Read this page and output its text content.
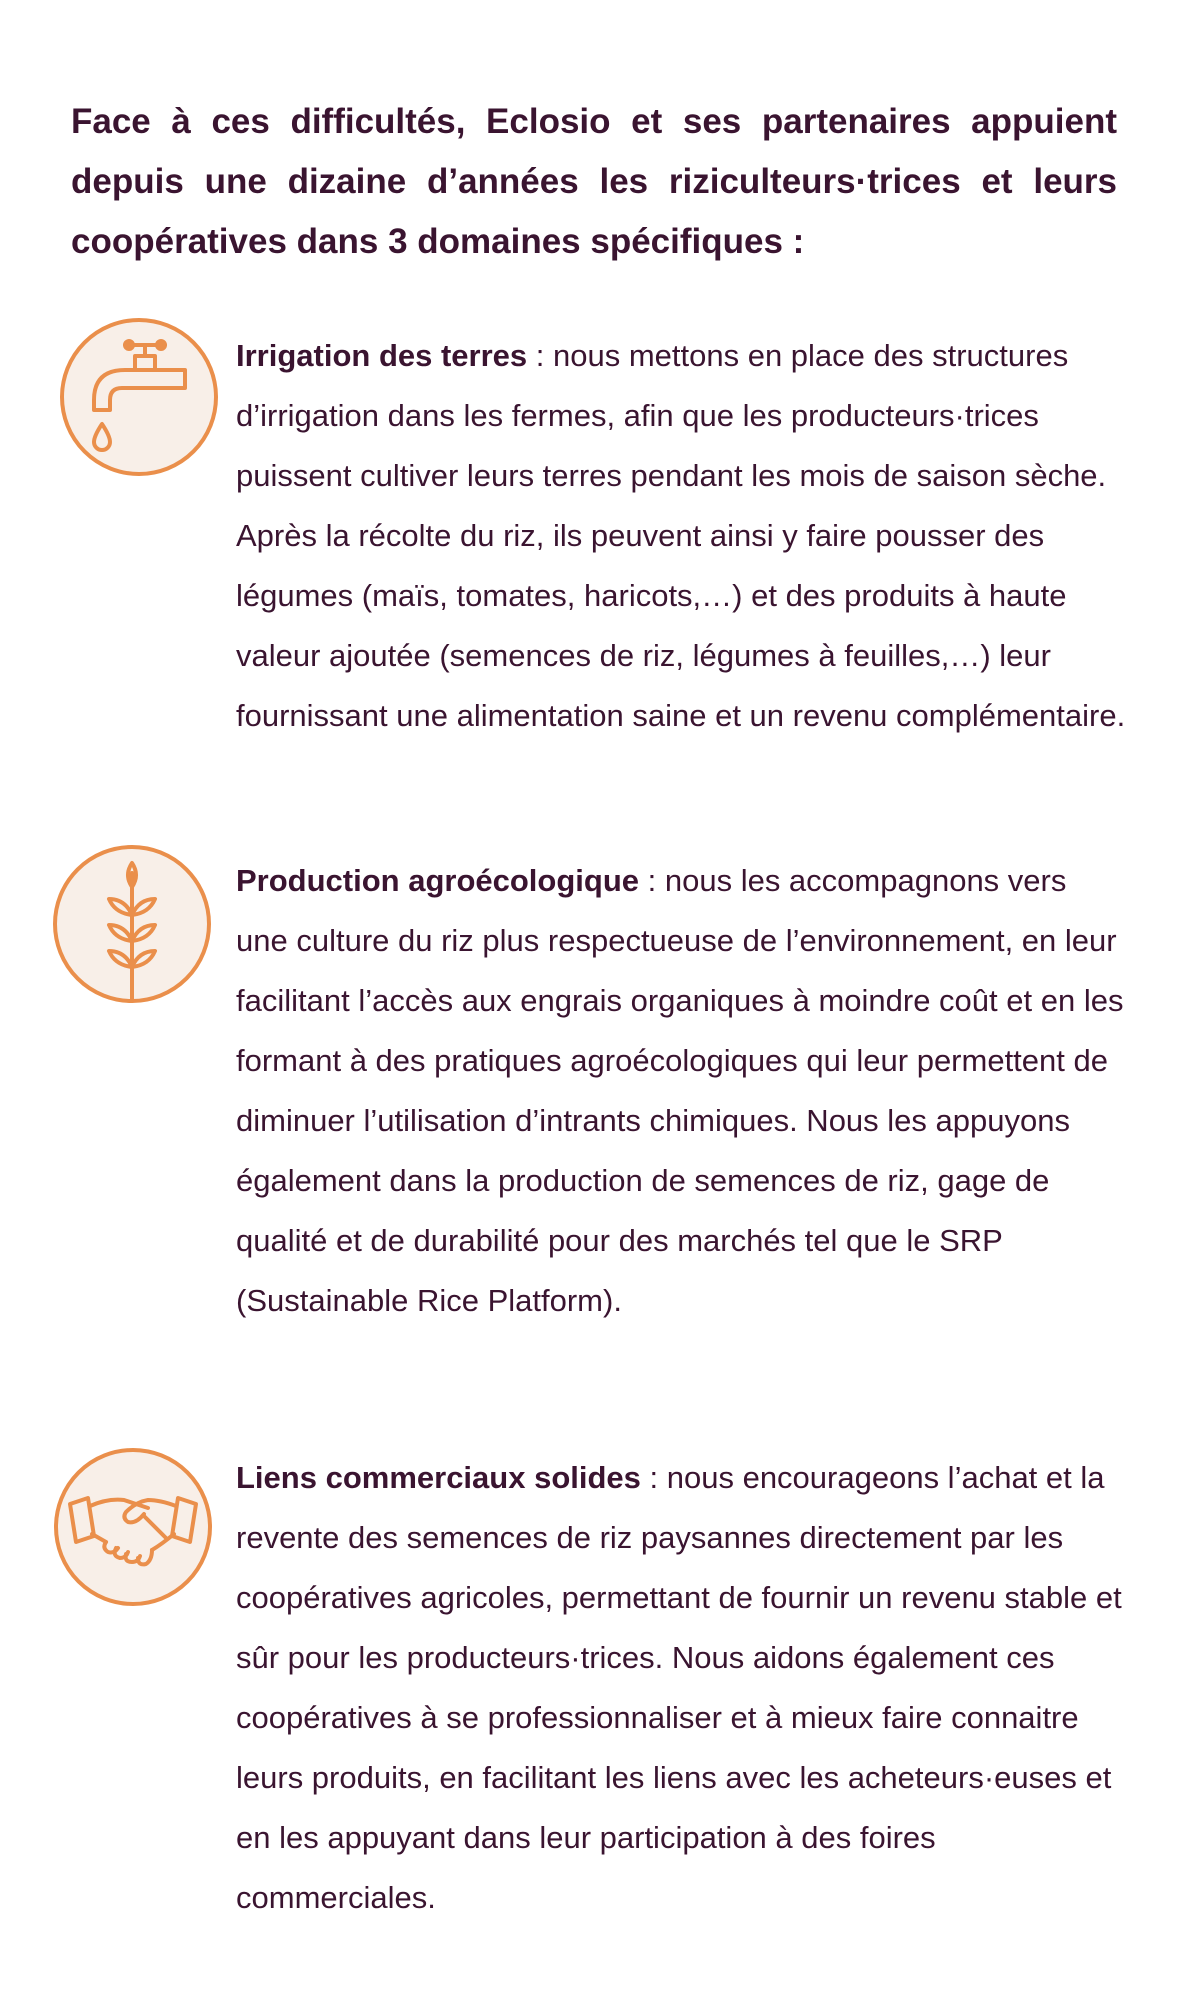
Face à ces difficultés, Eclosio et ses partenaires appuient depuis une dizaine d’années les riziculteurs·trices et leurs coopératives dans 3 domaines spécifiques :

Irrigation des terres : nous mettons en place des structures d’irrigation dans les fermes, afin que les producteurs·trices puissent cultiver leurs terres pendant les mois de saison sèche. Après la récolte du riz, ils peuvent ainsi y faire pousser des légumes (maïs, tomates, haricots,…) et des produits à haute valeur ajoutée (semences de riz, légumes à feuilles,…) leur fournissant une alimentation saine et un revenu complémentaire.

Production agroécologique : nous les accompagnons vers une culture du riz plus respectueuse de l’environnement, en leur facilitant l’accès aux engrais organiques à moindre coût et en les formant à des pratiques agroécologiques qui leur permettent de diminuer l’utilisation d’intrants chimiques. Nous les appuyons également dans la production de semences de riz, gage de qualité et de durabilité pour des marchés tel que le SRP (Sustainable Rice Platform).

Liens commerciaux solides : nous encourageons l’achat et la revente des semences de riz paysannes directement par les coopératives agricoles, permettant de fournir un revenu stable et sûr pour les producteurs·trices. Nous aidons également ces coopératives à se professionnaliser et à mieux faire connaitre leurs produits, en facilitant les liens avec les acheteurs·euses et en les appuyant dans leur participation à des foires commerciales.
